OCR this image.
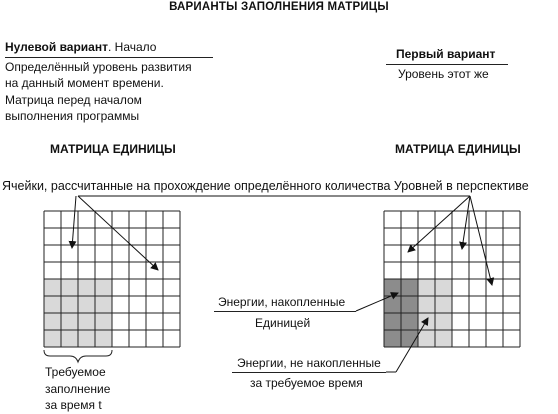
ВАРИАНТЫ ЗАПОЛНЕНИЯ МАТРИЦЫ
Нулевой вариант. Начало
Определённый уровень развития
на данный момент времени.
Матрица перед началом
выполнения программы
Первый вариант
Уровень этот же
МАТРИЦА ЕДИНИЦЫ	МАТРИЦА ЕДИНИЦЫ
Ячейки, рассчитанные на прохождение определённого количества Уровней в перспективе
Энергии, накопленные
Единицей
Энергии, не накопленные
за требуемое время
Требуемое
заполнение
за время t
